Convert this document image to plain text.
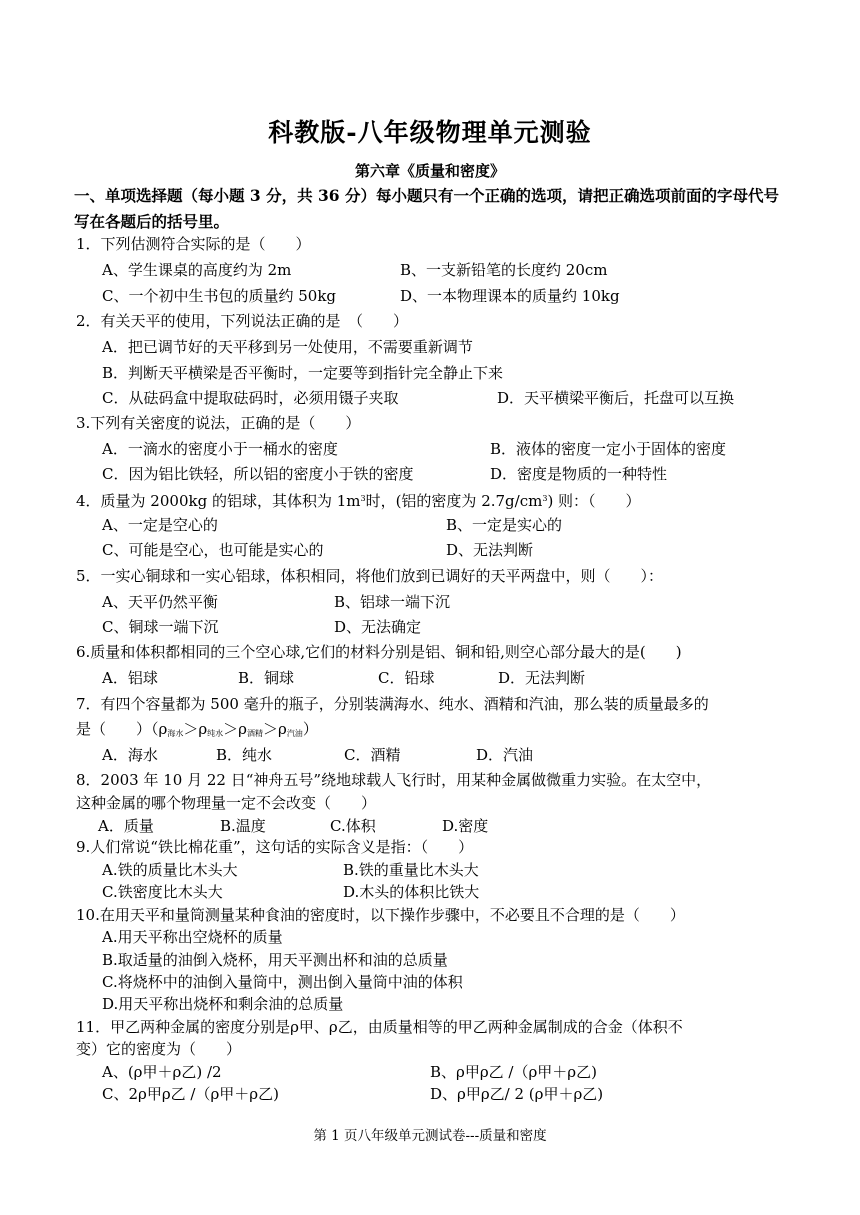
科教版-八年级物理单元测验
第六章《质量和密度》
一、单项选择题（每小题 3 分，共 36 分）每小题只有一个正确的选项，请把正确选项前面的字母代号写在各题后的括号里。
1．下列估测符合实际的是（　　）
A、学生课桌的高度约为 2m	B、一支新铅笔的长度约 20cm
C、一个初中生书包的质量约 50kg	D、一本物理课本的质量约 10kg
2．有关天平的使用，下列说法正确的是　（　　）
A．把已调节好的天平移到另一处使用，不需要重新调节
B．判断天平横梁是否平衡时，一定要等到指针完全静止下来
C．从砝码盒中提取砝码时，必须用镊子夹取	D．天平横梁平衡后，托盘可以互换
3.下列有关密度的说法，正确的是（　　）
A．一滴水的密度小于一桶水的密度	B．液体的密度一定小于固体的密度
C．因为铝比铁轻，所以铝的密度小于铁的密度	D．密度是物质的一种特性
4．质量为 2000kg 的铝球，其体积为 $1m^3$时，(铝的密度为 $2.7g/cm^3$) 则：（　　）
A、一定是空心的	B、一定是实心的
C、可能是空心，也可能是实心的	D、无法判断
5．一实心铜球和一实心铝球，体积相同，将他们放到已调好的天平两盘中，则（　　）：
A、天平仍然平衡	B、铝球一端下沉
C、铜球一端下沉	D、无法确定
6.质量和体积都相同的三个空心球,它们的材料分别是铝、铜和铅,则空心部分最大的是(　　)
A．铝球	B．铜球	C．铅球	D．无法判断
7．有四个容量都为 500 毫升的瓶子，分别装满海水、纯水、酒精和汽油，那么装的质量最多的
是（　　）$(\rho_{海水}>\rho_{纯水}>\rho_{酒精}>\rho_{汽油})$
A．海水	B．纯水	C．酒精	D．汽油
8．2003 年 10 月 22 日“神舟五号”绕地球载人飞行时，用某种金属做微重力实验。在太空中，
这种金属的哪个物理量一定不会改变（　　）
A．质量	B.温度	C.体积	D.密度
9.人们常说“铁比棉花重”，这句话的实际含义是指：（　　）
A.铁的质量比木头大	B.铁的重量比木头大
C.铁密度比木头大	D.木头的体积比铁大
10.在用天平和量筒测量某种食油的密度时，以下操作步骤中，不必要且不合理的是（　　）
A.用天平称出空烧杯的质量
B.取适量的油倒入烧杯，用天平测出杯和油的总质量
C.将烧杯中的油倒入量筒中，测出倒入量筒中油的体积
D.用天平称出烧杯和剩余油的总质量
11．甲乙两种金属的密度分别是ρ甲、ρ乙，由质量相等的甲乙两种金属制成的合金（体积不
变）它的密度为（　　）
A、(ρ甲＋ρ乙) /2	B、ρ甲ρ乙 /（ρ甲＋ρ乙)
C、2ρ甲ρ乙 /（ρ甲＋ρ乙)	D、ρ甲ρ乙/ 2 (ρ甲＋ρ乙)
第 1 页八年级单元测试卷---质量和密度
